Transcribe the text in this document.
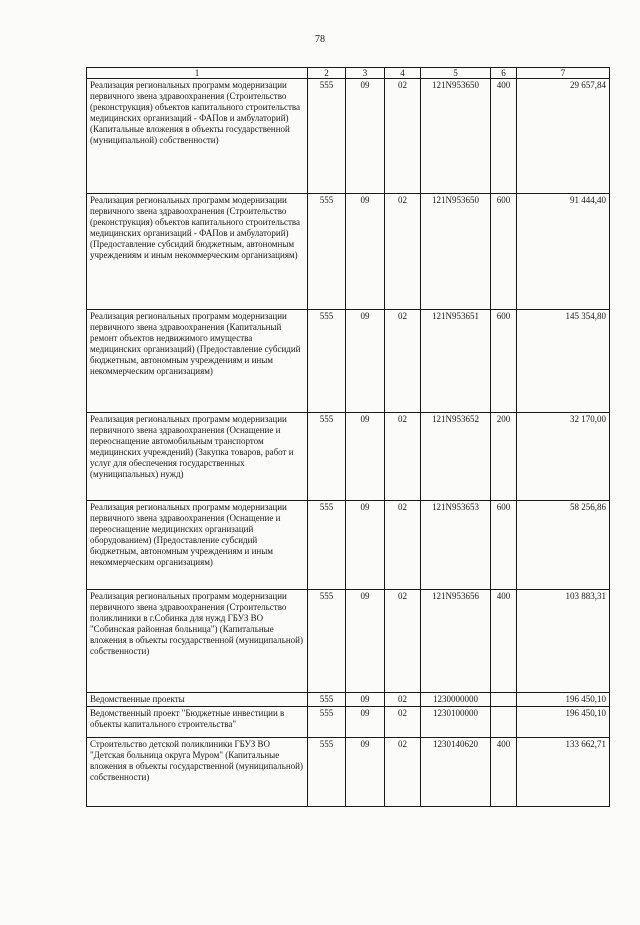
78
1	2	3	4	5	6	7
Реализация региональных программ модернизации первичного звена здравоохранения (Строительство (реконструкция) объектов капитального строительства медицинских организаций - ФАПов и амбулаторий) (Капитальные вложения в объекты государственной (муниципальной) собственности)	555	09	02	121N953650	400	29 657,84
Реализация региональных программ модернизации первичного звена здравоохранения (Строительство (реконструкция) объектов капитального строительства медицинских организаций - ФАПов и амбулаторий) (Предоставление субсидий бюджетным, автономным учреждениям и иным некоммерческим организациям)	555	09	02	121N953650	600	91 444,40
Реализация региональных программ модернизации первичного звена здравоохранения (Капитальный ремонт объектов недвижимого имущества медицинских организаций) (Предоставление субсидий бюджетным, автономным учреждениям и иным некоммерческим организациям)	555	09	02	121N953651	600	145 354,80
Реализация региональных программ модернизации первичного звена здравоохранения (Оснащение и переоснащение автомобильным транспортом медицинских учреждений) (Закупка товаров, работ и услуг для обеспечения государственных (муниципальных) нужд)	555	09	02	121N953652	200	32 170,00
Реализация региональных программ модернизации первичного звена здравоохранения (Оснащение и переоснащение медицинских организаций оборудованием) (Предоставление субсидий бюджетным, автономным учреждениям и иным некоммерческим организациям)	555	09	02	121N953653	600	58 256,86
Реализация региональных программ модернизации первичного звена здравоохранения (Строительство поликлиники в г.Собинка для нужд ГБУЗ ВО "Собинская районная больница") (Капитальные вложения в объекты государственной (муниципальной) собственности)	555	09	02	121N953656	400	103 883,31
Ведомственные проекты	555	09	02	1230000000		196 450,10
Ведомственный проект "Бюджетные инвестиции в объекты капитального строительства"	555	09	02	1230100000		196 450,10
Строительство детской поликлиники ГБУЗ ВО "Детская больница округа Муром" (Капитальные вложения в объекты государственной (муниципальной) собственности)	555	09	02	1230140620	400	133 662,71
